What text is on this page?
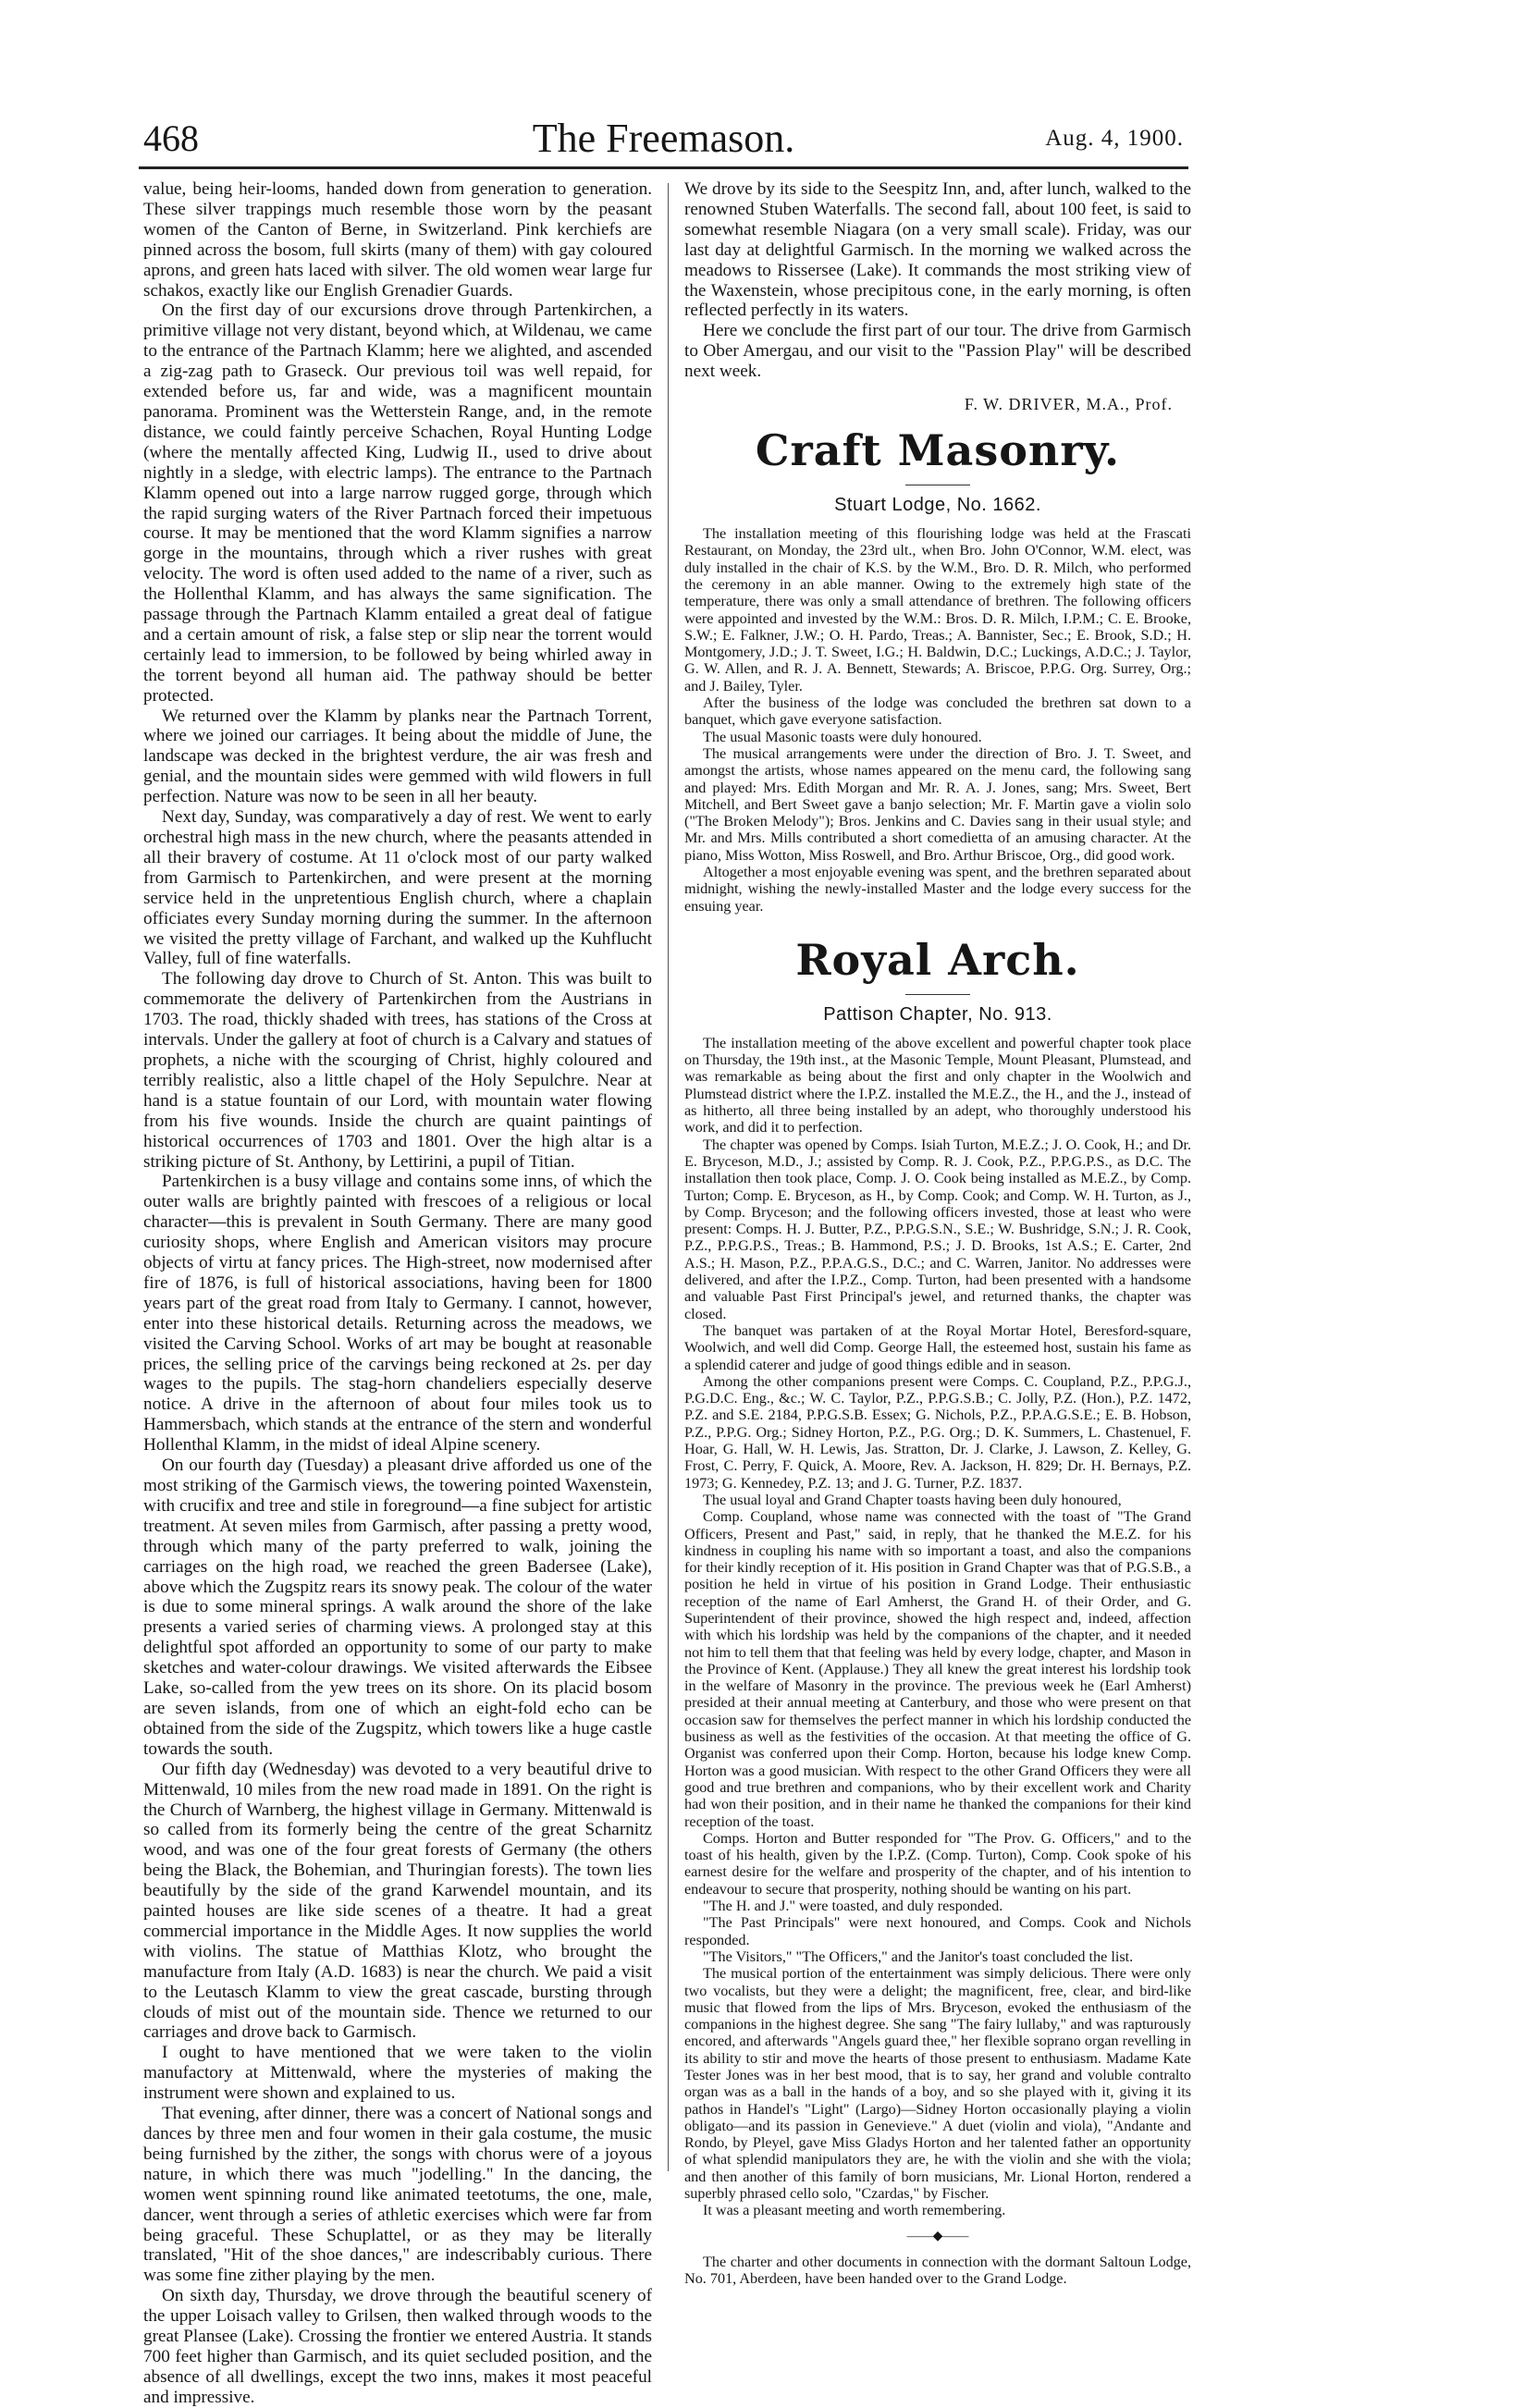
468	The Freemason.	Aug. 4, 1900.

value, being heir-looms, handed down from generation to generation. These silver trappings much resemble those worn by the peasant women of the Canton of Berne, in Switzerland. Pink kerchiefs are pinned across the bosom, full skirts (many of them) with gay coloured aprons, and green hats laced with silver. The old women wear large fur schakos, exactly like our English Grenadier Guards.

On the first day of our excursions drove through Partenkirchen, a primitive village not very distant, beyond which, at Wildenau, we came to the entrance of the Partnach Klamm; here we alighted, and ascended a zig-zag path to Graseck. Our previous toil was well repaid, for extended before us, far and wide, was a magnificent mountain panorama. Prominent was the Wetterstein Range, and, in the remote distance, we could faintly perceive Schachen, Royal Hunting Lodge (where the mentally affected King, Ludwig II., used to drive about nightly in a sledge, with electric lamps). The entrance to the Partnach Klamm opened out into a large narrow rugged gorge, through which the rapid surging waters of the River Partnach forced their impetuous course. It may be mentioned that the word Klamm signifies a narrow gorge in the mountains, through which a river rushes with great velocity. The word is often used added to the name of a river, such as the Hollenthal Klamm, and has always the same signification. The passage through the Partnach Klamm entailed a great deal of fatigue and a certain amount of risk, a false step or slip near the torrent would certainly lead to immersion, to be followed by being whirled away in the torrent beyond all human aid. The pathway should be better protected.

We returned over the Klamm by planks near the Partnach Torrent, where we joined our carriages. It being about the middle of June, the landscape was decked in the brightest verdure, the air was fresh and genial, and the mountain sides were gemmed with wild flowers in full perfection. Nature was now to be seen in all her beauty.

Next day, Sunday, was comparatively a day of rest. We went to early orchestral high mass in the new church, where the peasants attended in all their bravery of costume. At 11 o'clock most of our party walked from Garmisch to Partenkirchen, and were present at the morning service held in the unpretentious English church, where a chaplain officiates every Sunday morning during the summer. In the afternoon we visited the pretty village of Farchant, and walked up the Kuhflucht Valley, full of fine waterfalls.

The following day drove to Church of St. Anton. This was built to commemorate the delivery of Partenkirchen from the Austrians in 1703. The road, thickly shaded with trees, has stations of the Cross at intervals. Under the gallery at foot of church is a Calvary and statues of prophets, a niche with the scourging of Christ, highly coloured and terribly realistic, also a little chapel of the Holy Sepulchre. Near at hand is a statue fountain of our Lord, with mountain water flowing from his five wounds. Inside the church are quaint paintings of historical occurrences of 1703 and 1801. Over the high altar is a striking picture of St. Anthony, by Lettirini, a pupil of Titian.

Partenkirchen is a busy village and contains some inns, of which the outer walls are brightly painted with frescoes of a religious or local character—this is prevalent in South Germany. There are many good curiosity shops, where English and American visitors may procure objects of virtu at fancy prices. The High-street, now modernised after fire of 1876, is full of historical associations, having been for 1800 years part of the great road from Italy to Germany. I cannot, however, enter into these historical details. Returning across the meadows, we visited the Carving School. Works of art may be bought at reasonable prices, the selling price of the carvings being reckoned at 2s. per day wages to the pupils. The stag-horn chandeliers especially deserve notice. A drive in the afternoon of about four miles took us to Hammersbach, which stands at the entrance of the stern and wonderful Hollenthal Klamm, in the midst of ideal Alpine scenery.

On our fourth day (Tuesday) a pleasant drive afforded us one of the most striking of the Garmisch views, the towering pointed Waxenstein, with crucifix and tree and stile in foreground—a fine subject for artistic treatment. At seven miles from Garmisch, after passing a pretty wood, through which many of the party preferred to walk, joining the carriages on the high road, we reached the green Badersee (Lake), above which the Zugspitz rears its snowy peak. The colour of the water is due to some mineral springs. A walk around the shore of the lake presents a varied series of charming views. A prolonged stay at this delightful spot afforded an opportunity to some of our party to make sketches and water-colour drawings. We visited afterwards the Eibsee Lake, so-called from the yew trees on its shore. On its placid bosom are seven islands, from one of which an eight-fold echo can be obtained from the side of the Zugspitz, which towers like a huge castle towards the south.

Our fifth day (Wednesday) was devoted to a very beautiful drive to Mittenwald, 10 miles from the new road made in 1891. On the right is the Church of Warnberg, the highest village in Germany. Mittenwald is so called from its formerly being the centre of the great Scharnitz wood, and was one of the four great forests of Germany (the others being the Black, the Bohemian, and Thuringian forests). The town lies beautifully by the side of the grand Karwendel mountain, and its painted houses are like side scenes of a theatre. It had a great commercial importance in the Middle Ages. It now supplies the world with violins. The statue of Matthias Klotz, who brought the manufacture from Italy (A.D. 1683) is near the church. We paid a visit to the Leutasch Klamm to view the great cascade, bursting through clouds of mist out of the mountain side. Thence we returned to our carriages and drove back to Garmisch.

I ought to have mentioned that we were taken to the violin manufactory at Mittenwald, where the mysteries of making the instrument were shown and explained to us.

That evening, after dinner, there was a concert of National songs and dances by three men and four women in their gala costume, the music being furnished by the zither, the songs with chorus were of a joyous nature, in which there was much "jodelling." In the dancing, the women went spinning round like animated teetotums, the one, male, dancer, went through a series of athletic exercises which were far from being graceful. These Schuplattel, or as they may be literally translated, "Hit of the shoe dances," are indescribably curious. There was some fine zither playing by the men.

On sixth day, Thursday, we drove through the beautiful scenery of the upper Loisach valley to Grilsen, then walked through woods to the great Plansee (Lake). Crossing the frontier we entered Austria. It stands 700 feet higher than Garmisch, and its quiet secluded position, and the absence of all dwellings, except the two inns, makes it most peaceful and impressive.

We drove by its side to the Seespitz Inn, and, after lunch, walked to the renowned Stuben Waterfalls. The second fall, about 100 feet, is said to somewhat resemble Niagara (on a very small scale). Friday, was our last day at delightful Garmisch. In the morning we walked across the meadows to Rissersee (Lake). It commands the most striking view of the Waxenstein, whose precipitous cone, in the early morning, is often reflected perfectly in its waters.

Here we conclude the first part of our tour. The drive from Garmisch to Ober Amergau, and our visit to the "Passion Play" will be described next week.

F. W. DRIVER, M.A., Prof.

Craft Masonry.
Stuart Lodge, No. 1662.

The installation meeting of this flourishing lodge was held at the Frascati Restaurant, on Monday, the 23rd ult., when Bro. John O'Connor, W.M. elect, was duly installed in the chair of K.S. by the W.M., Bro. D. R. Milch, who performed the ceremony in an able manner. Owing to the extremely high state of the temperature, there was only a small attendance of brethren. The following officers were appointed and invested by the W.M.: Bros. D. R. Milch, I.P.M.; C. E. Brooke, S.W.; E. Falkner, J.W.; O. H. Pardo, Treas.; A. Bannister, Sec.; E. Brook, S.D.; H. Montgomery, J.D.; J. T. Sweet, I.G.; H. Baldwin, D.C.; Luckings, A.D.C.; J. Taylor, G. W. Allen, and R. J. A. Bennett, Stewards; A. Briscoe, P.P.G. Org. Surrey, Org.; and J. Bailey, Tyler.

After the business of the lodge was concluded the brethren sat down to a banquet, which gave everyone satisfaction.

The usual Masonic toasts were duly honoured.

The musical arrangements were under the direction of Bro. J. T. Sweet, and amongst the artists, whose names appeared on the menu card, the following sang and played: Mrs. Edith Morgan and Mr. R. A. J. Jones, sang; Mrs. Sweet, Bert Mitchell, and Bert Sweet gave a banjo selection; Mr. F. Martin gave a violin solo ("The Broken Melody"); Bros. Jenkins and C. Davies sang in their usual style; and Mr. and Mrs. Mills contributed a short comedietta of an amusing character. At the piano, Miss Wotton, Miss Roswell, and Bro. Arthur Briscoe, Org., did good work.

Altogether a most enjoyable evening was spent, and the brethren separated about midnight, wishing the newly-installed Master and the lodge every success for the ensuing year.

Royal Arch.
Pattison Chapter, No. 913.

The installation meeting of the above excellent and powerful chapter took place on Thursday, the 19th inst., at the Masonic Temple, Mount Pleasant, Plumstead, and was remarkable as being about the first and only chapter in the Woolwich and Plumstead district where the I.P.Z. installed the M.E.Z., the H., and the J., instead of as hitherto, all three being installed by an adept, who thoroughly understood his work, and did it to perfection.

The chapter was opened by Comps. Isiah Turton, M.E.Z.; J. O. Cook, H.; and Dr. E. Bryceson, M.D., J.; assisted by Comp. R. J. Cook, P.Z., P.P.G.P.S., as D.C. The installation then took place, Comp. J. O. Cook being installed as M.E.Z., by Comp. Turton; Comp. E. Bryceson, as H., by Comp. Cook; and Comp. W. H. Turton, as J., by Comp. Bryceson; and the following officers invested, those at least who were present: Comps. H. J. Butter, P.Z., P.P.G.S.N., S.E.; W. Bushridge, S.N.; J. R. Cook, P.Z., P.P.G.P.S., Treas.; B. Hammond, P.S.; J. D. Brooks, 1st A.S.; E. Carter, 2nd A.S.; H. Mason, P.Z., P.P.A.G.S., D.C.; and C. Warren, Janitor. No addresses were delivered, and after the I.P.Z., Comp. Turton, had been presented with a handsome and valuable Past First Principal's jewel, and returned thanks, the chapter was closed.

The banquet was partaken of at the Royal Mortar Hotel, Beresford-square, Woolwich, and well did Comp. George Hall, the esteemed host, sustain his fame as a splendid caterer and judge of good things edible and in season.

Among the other companions present were Comps. C. Coupland, P.Z., P.P.G.J., P.G.D.C. Eng., &c.; W. C. Taylor, P.Z., P.P.G.S.B.; C. Jolly, P.Z. (Hon.), P.Z. 1472, P.Z. and S.E. 2184, P.P.G.S.B. Essex; G. Nichols, P.Z., P.P.A.G.S.E.; E. B. Hobson, P.Z., P.P.G. Org.; Sidney Horton, P.Z., P.G. Org.; D. K. Summers, L. Chastenuel, F. Hoar, G. Hall, W. H. Lewis, Jas. Stratton, Dr. J. Clarke, J. Lawson, Z. Kelley, G. Frost, C. Perry, F. Quick, A. Moore, Rev. A. Jackson, H. 829; Dr. H. Bernays, P.Z. 1973; G. Kennedey, P.Z. 13; and J. G. Turner, P.Z. 1837.

The usual loyal and Grand Chapter toasts having been duly honoured,

Comp. Coupland, whose name was connected with the toast of "The Grand Officers, Present and Past," said, in reply, that he thanked the M.E.Z. for his kindness in coupling his name with so important a toast, and also the companions for their kindly reception of it. His position in Grand Chapter was that of P.G.S.B., a position he held in virtue of his position in Grand Lodge. Their enthusiastic reception of the name of Earl Amherst, the Grand H. of their Order, and G. Superintendent of their province, showed the high respect and, indeed, affection with which his lordship was held by the companions of the chapter, and it needed not him to tell them that that feeling was held by every lodge, chapter, and Mason in the Province of Kent. (Applause.) They all knew the great interest his lordship took in the welfare of Masonry in the province. The previous week he (Earl Amherst) presided at their annual meeting at Canterbury, and those who were present on that occasion saw for themselves the perfect manner in which his lordship conducted the business as well as the festivities of the occasion. At that meeting the office of G. Organist was conferred upon their Comp. Horton, because his lodge knew Comp. Horton was a good musician. With respect to the other Grand Officers they were all good and true brethren and companions, who by their excellent work and Charity had won their position, and in their name he thanked the companions for their kind reception of the toast.

Comps. Horton and Butter responded for "The Prov. G. Officers," and to the toast of his health, given by the I.P.Z. (Comp. Turton), Comp. Cook spoke of his earnest desire for the welfare and prosperity of the chapter, and of his intention to endeavour to secure that prosperity, nothing should be wanting on his part.

"The H. and J." were toasted, and duly responded.

"The Past Principals" were next honoured, and Comps. Cook and Nichols responded.

"The Visitors," "The Officers," and the Janitor's toast concluded the list.

The musical portion of the entertainment was simply delicious. There were only two vocalists, but they were a delight; the magnificent, free, clear, and bird-like music that flowed from the lips of Mrs. Bryceson, evoked the enthusiasm of the companions in the highest degree. She sang "The fairy lullaby," and was rapturously encored, and afterwards "Angels guard thee," her flexible soprano organ revelling in its ability to stir and move the hearts of those present to enthusiasm. Madame Kate Tester Jones was in her best mood, that is to say, her grand and voluble contralto organ was as a ball in the hands of a boy, and so she played with it, giving it its pathos in Handel's "Light" (Largo)—Sidney Horton occasionally playing a violin obligato—and its passion in Genevieve." A duet (violin and viola), "Andante and Rondo, by Pleyel, gave Miss Gladys Horton and her talented father an opportunity of what splendid manipulators they are, he with the violin and she with the viola; and then another of this family of born musicians, Mr. Lional Horton, rendered a superbly phrased cello solo, "Czardas," by Fischer.

It was a pleasant meeting and worth remembering.

——◆——

The charter and other documents in connection with the dormant Saltoun Lodge, No. 701, Aberdeen, have been handed over to the Grand Lodge.
